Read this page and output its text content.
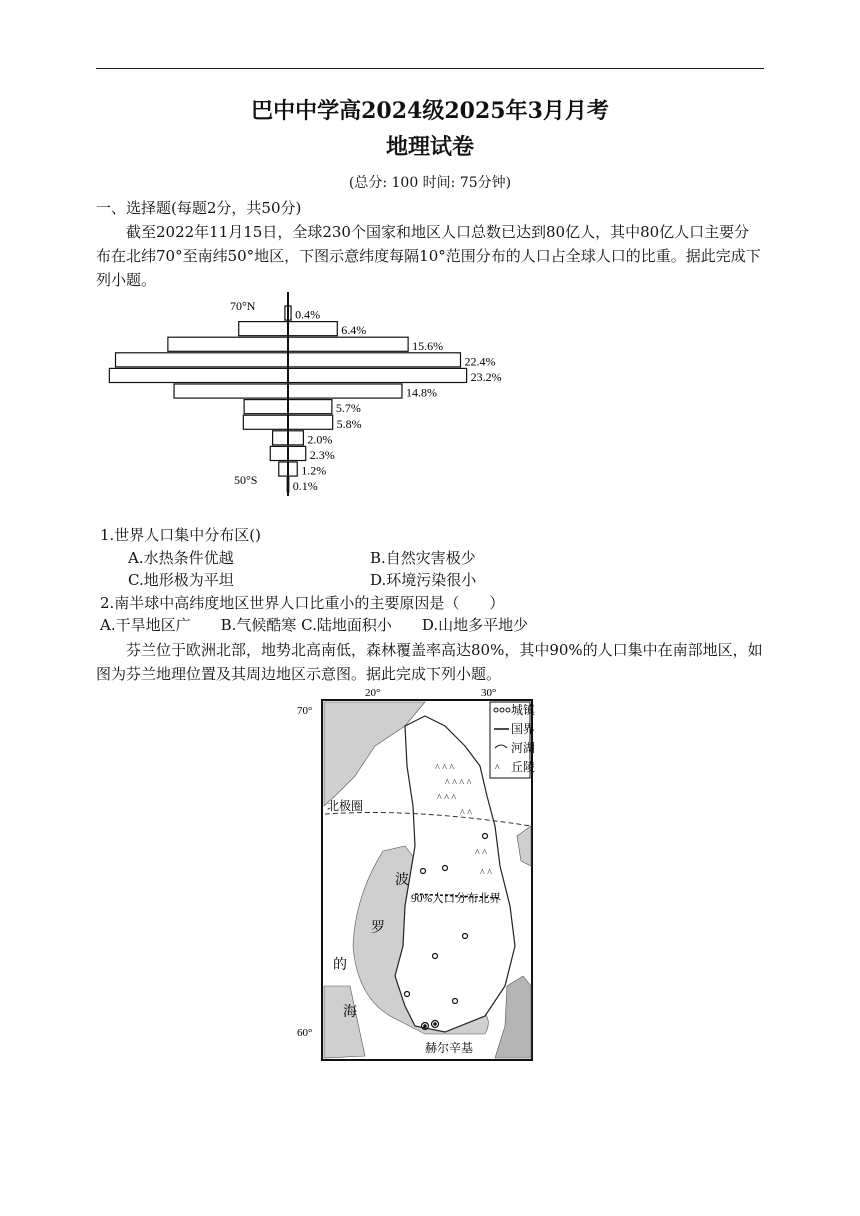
巴中中学高2024级2025年3月月考
地理试卷
(总分: 100 时间: 75分钟)
一、选择题(每题2分，共50分)
截至2022年11月15日，全球230个国家和地区人口总数已达到80亿人，其中80亿人口主要分布在北纬70°至南纬50°地区，下图示意纬度每隔10°范围分布的人口占全球人口的比重。据此完成下列小题。
0.4%
6.4%
15.6%
22.4%
23.2%
14.8%
5.7%
5.8%
2.0%
2.3%
1.2%
0.1%
70°N
50°S
1.世界人口集中分布区()
A.水热条件优越	B.自然灾害极少
C.地形极为平坦	D.环境污染很小
2.南半球中高纬度地区世界人口比重小的主要原因是（　　）
A.干旱地区广　　B.气候酷寒 C.陆地面积小　　D.山地多平地少
芬兰位于欧洲北部，地势北高南低，森林覆盖率高达80%，其中90%的人口集中在南部地区，如图为芬兰地理位置及其周边地区示意图。据此完成下列小题。
20°	30°
70°
60°
北极圈
90%人口分布北界
波
罗
的
海
^ ^ ^
^ ^ ^ ^
^ ^ ^
^ ^
^ ^
^ ^
赫尔辛基
^
城镇
国界
河湖
丘陵
